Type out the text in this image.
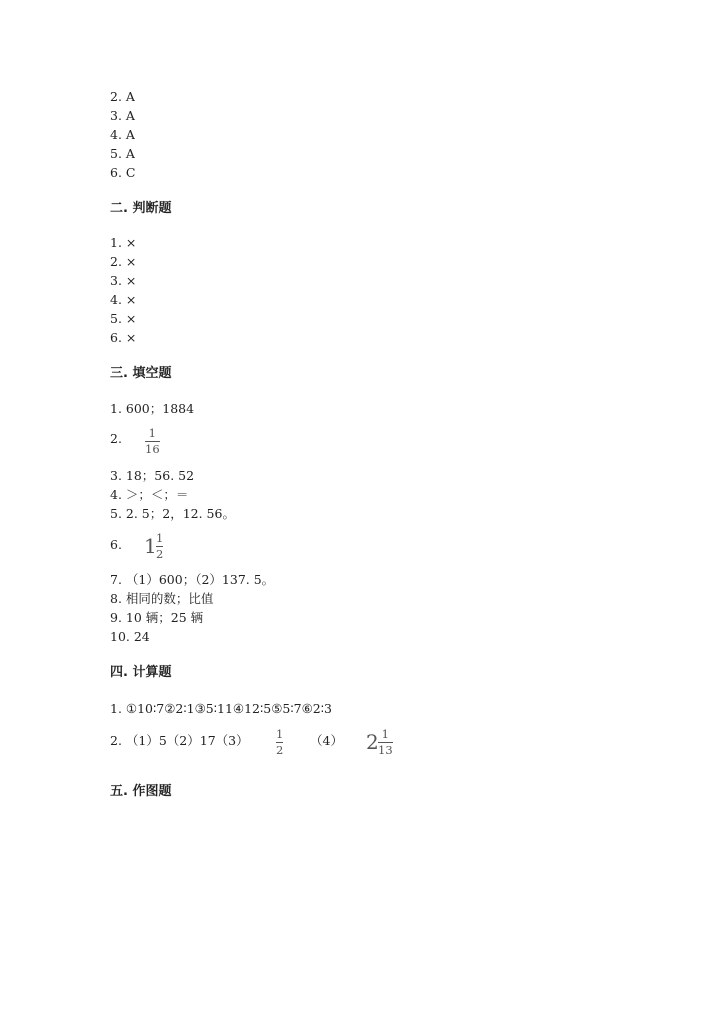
2. A
3. A
4. A
5. A
6. C
二. 判断题
1. ×
2. ×
3. ×
4. ×
5. ×
6. ×
三. 填空题
1. 600；1884
2. 1
16
3. 18；56. 52
4. ＞；＜；＝
5. 2. 5；2，12. 56。
6. 1 1
2
7. （1）600；（2）137. 5。
8. 相同的数；比值
9. 10 辆；25 辆
10. 24
四. 计算题
1. ①10∶7②2∶1③5∶11④12∶5⑤5∶7⑥2∶3
2. （1）5（2）17（3） 1
2
（4） 2 1
13
五. 作图题
